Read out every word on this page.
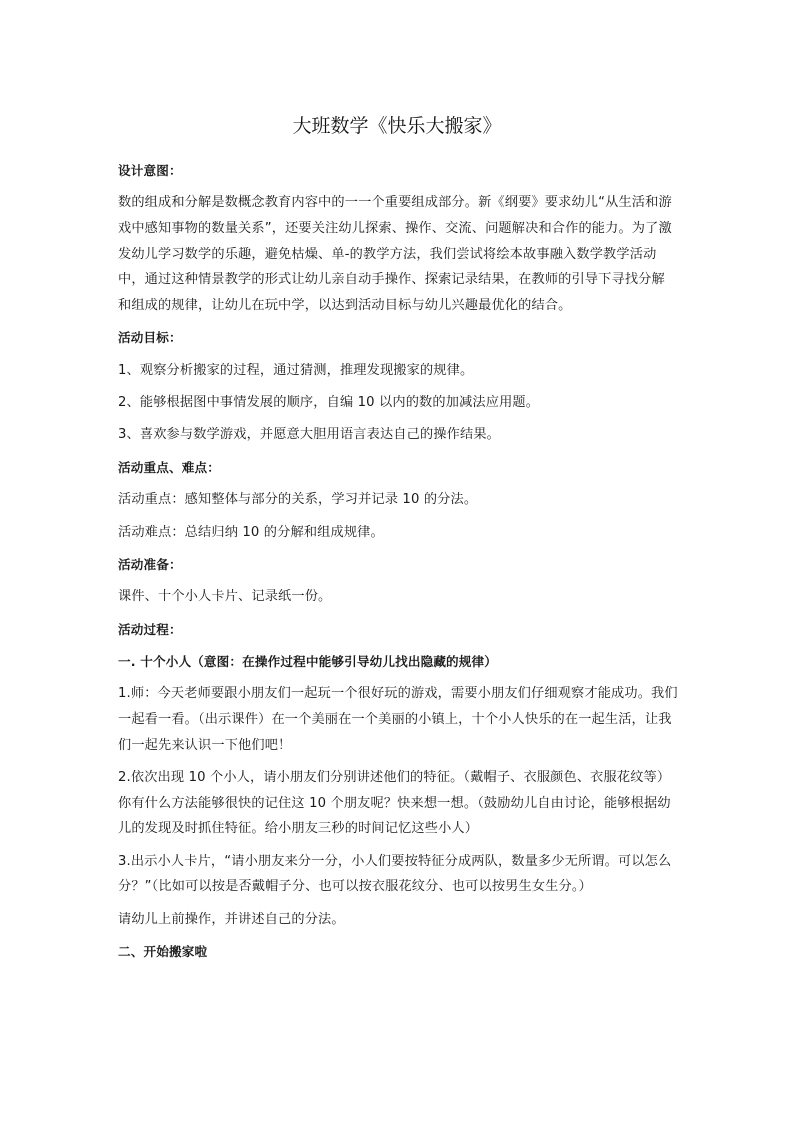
大班数学《快乐大搬家》

设计意图：

数的组成和分解是数概念教育内容中的一一个重要组成部分。新《纲要》要求幼儿“从生活和游戏中感知事物的数量关系”，还要关注幼儿探索、操作、交流、问题解决和合作的能力。为了激发幼儿学习数学的乐趣，避免枯燥、单-的教学方法，我们尝试将绘本故事融入数学教学活动中，通过这种情景教学的形式让幼儿亲自动手操作、探索记录结果，在教师的引导下寻找分解和组成的规律，让幼儿在玩中学，以达到活动目标与幼儿兴趣最优化的结合。

活动目标：

1、观察分析搬家的过程，通过猜测，推理发现搬家的规律。

2、能够根据图中事情发展的顺序，自编 10 以内的数的加减法应用题。

3、喜欢参与数学游戏，并愿意大胆用语言表达自己的操作结果。

活动重点、难点：

活动重点：感知整体与部分的关系，学习并记录 10 的分法。

活动难点：总结归纳 10 的分解和组成规律。

活动准备：

课件、十个小人卡片、记录纸一份。

活动过程：

一. 十个小人（意图：在操作过程中能够引导幼儿找出隐藏的规律）

1.师：今天老师要跟小朋友们一起玩一个很好玩的游戏，需要小朋友们仔细观察才能成功。我们一起看一看。（出示课件）在一个美丽在一个美丽的小镇上，十个小人快乐的在一起生活，让我们一起先来认识一下他们吧！

2.依次出现 10 个小人，请小朋友们分别讲述他们的特征。（戴帽子、衣服颜色、衣服花纹等）你有什么方法能够很快的记住这 10 个朋友呢？快来想一想。（鼓励幼儿自由讨论，能够根据幼儿的发现及时抓住特征。给小朋友三秒的时间记忆这些小人）

3.出示小人卡片，“请小朋友来分一分，小人们要按特征分成两队，数量多少无所谓。可以怎么分？”（比如可以按是否戴帽子分、也可以按衣服花纹分、也可以按男生女生分。）

请幼儿上前操作，并讲述自己的分法。

二、开始搬家啦
